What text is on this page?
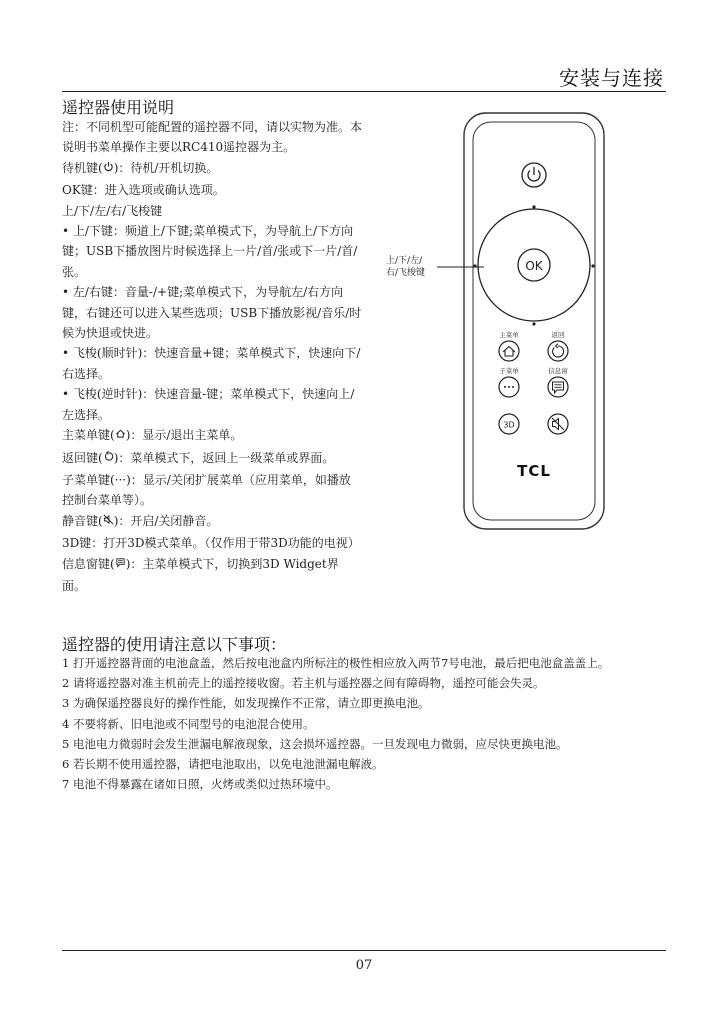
安装与连接
遥控器使用说明

注：不同机型可能配置的遥控器不同，请以实物为准。本说明书菜单操作主要以RC410遥控器为主。

待机键( )：待机/开机切换。

OK键：进入选项或确认选项。

上/下/左/右/飞梭键

• 上/下键：频道上/下键;菜单模式下，为导航上/下方向键；USB下播放图片时候选择上一片/首/张或下一片/首/张。

• 左/右键：音量-/+键;菜单模式下，为导航左/右方向键，右键还可以进入某些选项；USB下播放影视/音乐/时候为快退或快进。

• 飞梭(顺时针)：快速音量+键；菜单模式下，快速向下/右选择。

• 飞梭(逆时针)：快速音量-键；菜单模式下，快速向上/左选择。

主菜单键( )：显示/退出主菜单。

返回键( )：菜单模式下，返回上一级菜单或界面。

子菜单键(···)：显示/关闭扩展菜单（应用菜单，如播放控制台菜单等）。

静音键( )：开启/关闭静音。

3D键：打开3D模式菜单。（仅作用于带3D功能的电视）

信息窗键( )：主菜单模式下，切换到3D Widget界面。

OK
上/下/左/
右/飞梭键
主菜单	返回
子菜单	信息窗
3D
TCL
遥控器的使用请注意以下事项：

1 打开遥控器背面的电池盒盖，然后按电池盒内所标注的极性相应放入两节7号电池，最后把电池盒盖盖上。

2 请将遥控器对准主机前壳上的遥控接收窗。若主机与遥控器之间有障碍物，遥控可能会失灵。

3 为确保遥控器良好的操作性能，如发现操作不正常，请立即更换电池。

4 不要将新、旧电池或不同型号的电池混合使用。

5 电池电力微弱时会发生泄漏电解液现象，这会损坏遥控器。一旦发现电力微弱，应尽快更换电池。

6 若长期不使用遥控器，请把电池取出，以免电池泄漏电解液。

7 电池不得暴露在诸如日照，火烤或类似过热环境中。

07
